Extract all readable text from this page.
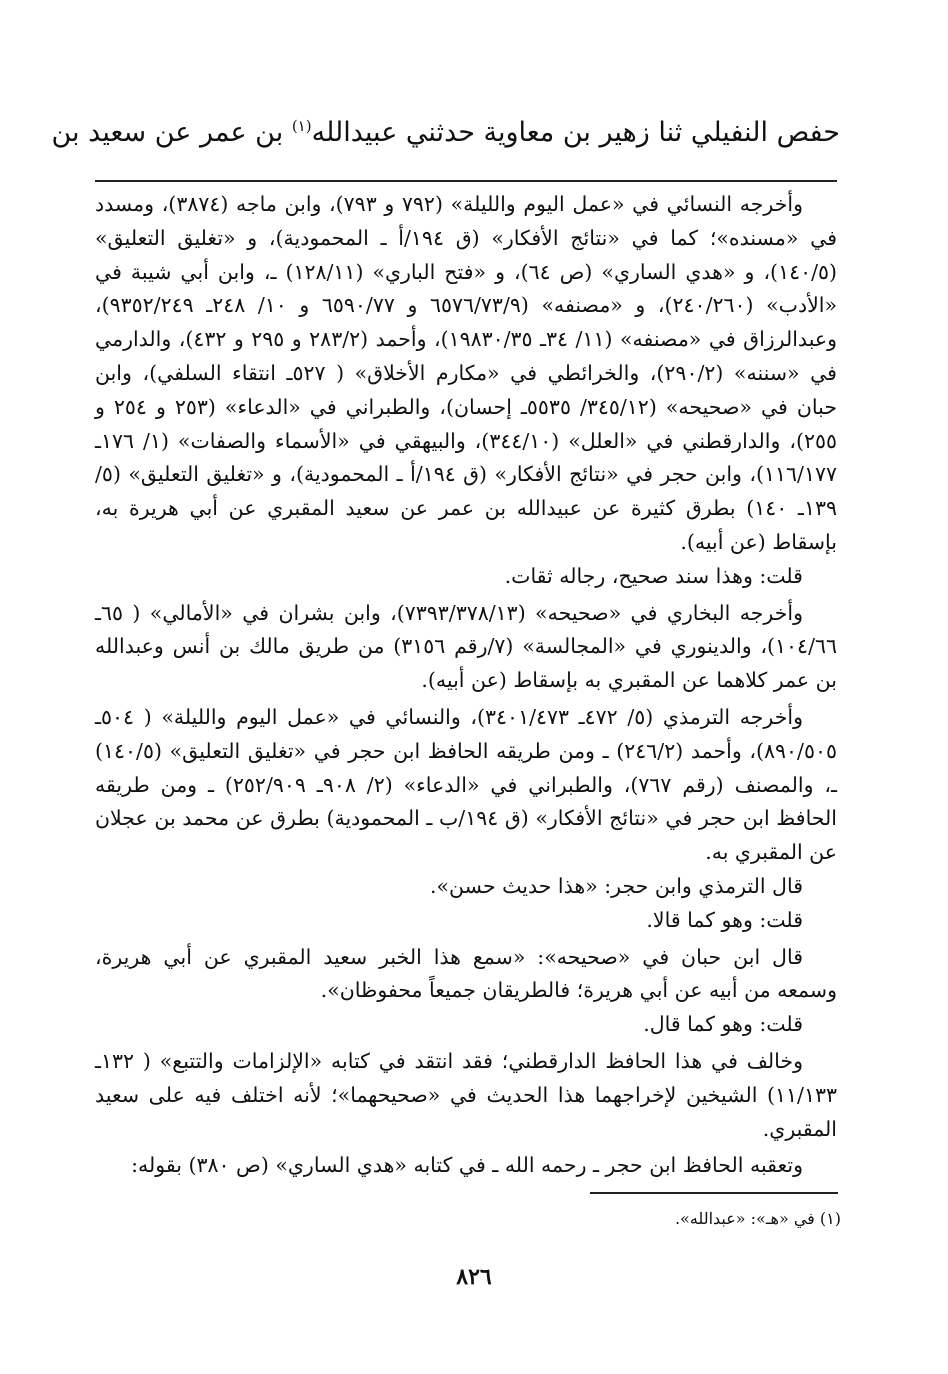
حفص النفيلي ثنا زهير بن معاوية حدثني عبيدالله$^{(١)}$ بن عمر عن سعيد بن

وأخرجه النسائي في «عمل اليوم والليلة» (٧٩٢ و ٧٩٣)، وابن ماجه (٣٨٧٤)، ومسدد في «مسنده»؛ كما في «نتائج الأفكار» (ق ١٩٤/أ ـ المحمودية)، و «تغليق التعليق» (١٤٠/٥)، و «هدي الساري» (ص ٦٤)، و «فتح الباري» (١٢٨/١١) ـ، وابن أبي شيبة في «الأدب» (٢٤٠/٢٦٠)، و «مصنفه» (٦٥٧٦/٧٣/٩ و ٦٥٩٠/٧٧ و ١٠/ ٢٤٨ـ ٩٣٥٢/٢٤٩)، وعبدالرزاق في «مصنفه» (١١/ ٣٤ـ ١٩٨٣٠/٣٥)، وأحمد (٢٨٣/٢ و ٢٩٥ و ٤٣٢)، والدارمي في «سننه» (٢٩٠/٢)، والخرائطي في «مكارم الأخلاق» ( ٥٢٧ـ انتقاء السلفي)، وابن حبان في «صحيحه» (٣٤٥/١٢/ ٥٥٣٥ـ إحسان)، والطبراني في «الدعاء» (٢٥٣ و ٢٥٤ و ٢٥٥)، والدارقطني في «العلل» (٣٤٤/١٠)، والبيهقي في «الأسماء والصفات» (١/ ١٧٦ـ ١١٦/١٧٧)، وابن حجر في «نتائج الأفكار» (ق ١٩٤/أ ـ المحمودية)، و «تغليق التعليق» (٥/ ١٣٩ـ ١٤٠) بطرق كثيرة عن عبيدالله بن عمر عن سعيد المقبري عن أبي هريرة به، بإسقاط (عن أبيه).

قلت: وهذا سند صحيح، رجاله ثقات.

وأخرجه البخاري في «صحيحه» (٧٣٩٣/٣٧٨/١٣)، وابن بشران في «الأمالي» ( ٦٥ـ ١٠٤/٦٦)، والدينوري في «المجالسة» (٧/رقم ٣١٥٦) من طريق مالك بن أنس وعبدالله بن عمر كلاهما عن المقبري به بإسقاط (عن أبيه).

وأخرجه الترمذي (٥/ ٤٧٢ـ ٣٤٠١/٤٧٣)، والنسائي في «عمل اليوم والليلة» ( ٥٠٤ـ ٨٩٠/٥٠٥)، وأحمد (٢٤٦/٢) ـ ومن طريقه الحافظ ابن حجر في «تغليق التعليق» (١٤٠/٥) ـ، والمصنف (رقم ٧٦٧)، والطبراني في «الدعاء» (٢/ ٩٠٨ـ ٢٥٢/٩٠٩) ـ ومن طريقه الحافظ ابن حجر في «نتائج الأفكار» (ق ١٩٤/ب ـ المحمودية) بطرق عن محمد بن عجلان عن المقبري به.

قال الترمذي وابن حجر: «هذا حديث حسن».

قلت: وهو كما قالا.

قال ابن حبان في «صحيحه»: «سمع هذا الخبر سعيد المقبري عن أبي هريرة، وسمعه من أبيه عن أبي هريرة؛ فالطريقان جميعاً محفوظان».

قلت: وهو كما قال.

وخالف في هذا الحافظ الدارقطني؛ فقد انتقد في كتابه «الإلزامات والتتبع» ( ١٣٢ـ ١١/١٣٣) الشيخين لإخراجهما هذا الحديث في «صحيحهما»؛ لأنه اختلف فيه على سعيد المقبري.

وتعقبه الحافظ ابن حجر ـ رحمه الله ـ في كتابه «هدي الساري» (ص ٣٨٠) بقوله:

(١) في «هـ»: «عبدالله».
٨٢٦
